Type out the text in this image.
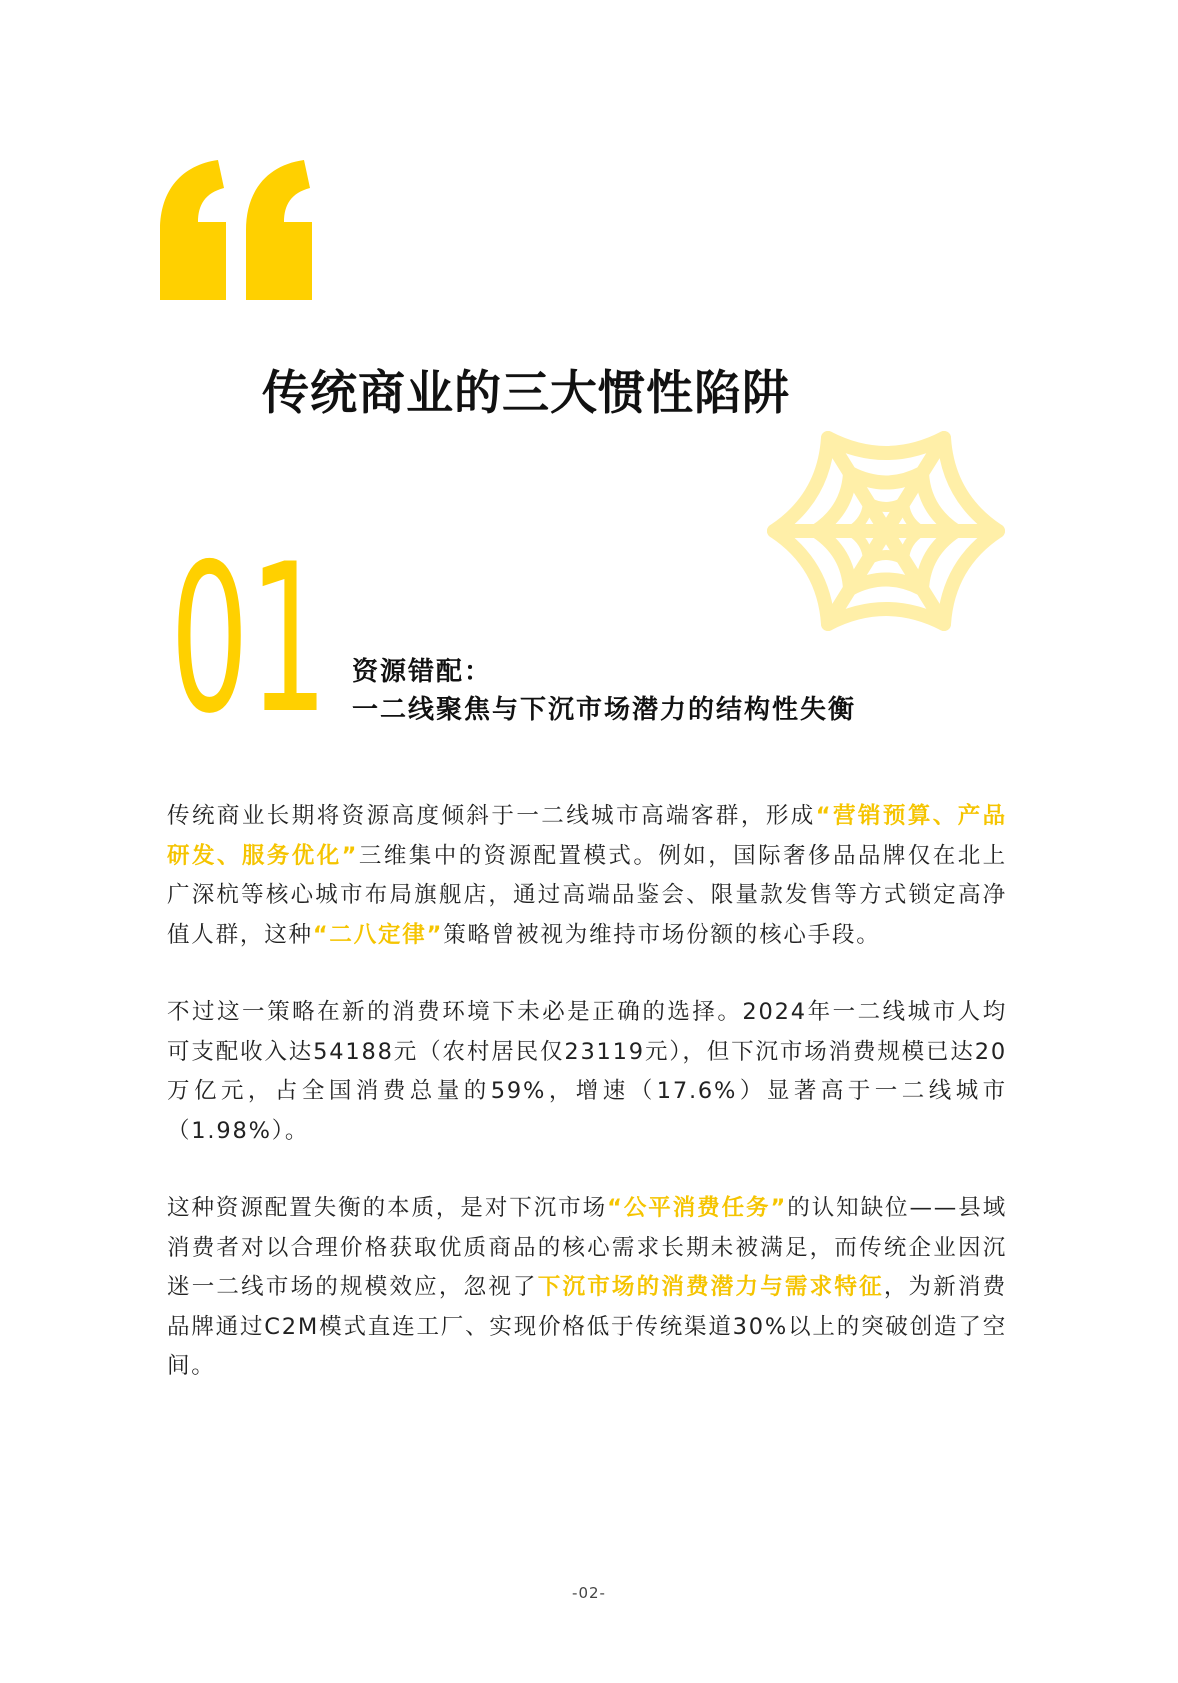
传统商业的三大惯性陷阱
01 资源错配：
一二线聚焦与下沉市场潜力的结构性失衡

传统商业长期将资源高度倾斜于一二线城市高端客群，形成“营销预算、产品研发、服务优化”三维集中的资源配置模式。例如，国际奢侈品品牌仅在北上广深杭等核心城市布局旗舰店，通过高端品鉴会、限量款发售等方式锁定高净值人群，这种“二八定律”策略曾被视为维持市场份额的核心手段。

不过这一策略在新的消费环境下未必是正确的选择。2024年一二线城市人均可支配收入达54188元（农村居民仅23119元），但下沉市场消费规模已达20万亿元，占全国消费总量的59%，增速（17.6%）显著高于一二线城市（1.98%）。

这种资源配置失衡的本质，是对下沉市场“公平消费任务”的认知缺位——县域消费者对以合理价格获取优质商品的核心需求长期未被满足，而传统企业因沉迷一二线市场的规模效应，忽视了下沉市场的消费潜力与需求特征，为新消费品牌通过C2M模式直连工厂、实现价格低于传统渠道30%以上的突破创造了空间。

-02-
